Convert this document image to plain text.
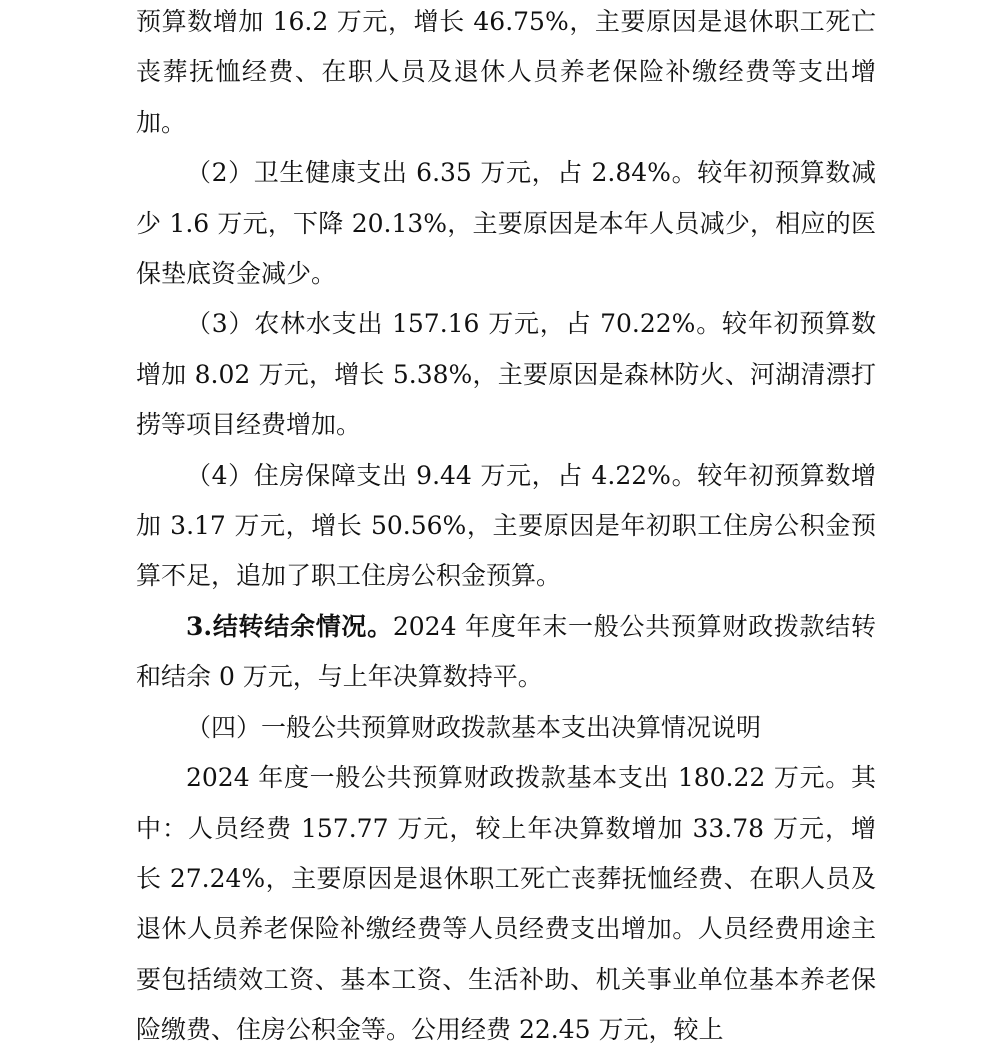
预算数增加 16.2 万元，增长 46.75%，主要原因是退休职工死亡丧葬抚恤经费、在职人员及退休人员养老保险补缴经费等支出增加。

（2）卫生健康支出 6.35 万元，占 2.84%。较年初预算数减少 1.6 万元，下降 20.13%，主要原因是本年人员减少，相应的医保垫底资金减少。

（3）农林水支出 157.16 万元，占 70.22%。较年初预算数增加 8.02 万元，增长 5.38%，主要原因是森林防火、河湖清漂打捞等项目经费增加。

（4）住房保障支出 9.44 万元，占 4.22%。较年初预算数增加 3.17 万元，增长 50.56%，主要原因是年初职工住房公积金预算不足，追加了职工住房公积金预算。

3.结转结余情况。2024 年度年末一般公共预算财政拨款结转和结余 0 万元，与上年决算数持平。

（四）一般公共预算财政拨款基本支出决算情况说明

2024 年度一般公共预算财政拨款基本支出 180.22 万元。其中：人员经费 157.77 万元，较上年决算数增加 33.78 万元，增长 27.24%，主要原因是退休职工死亡丧葬抚恤经费、在职人员及退休人员养老保险补缴经费等人员经费支出增加。人员经费用途主要包括绩效工资、基本工资、生活补助、机关事业单位基本养老保险缴费、住房公积金等。公用经费 22.45 万元，较上
